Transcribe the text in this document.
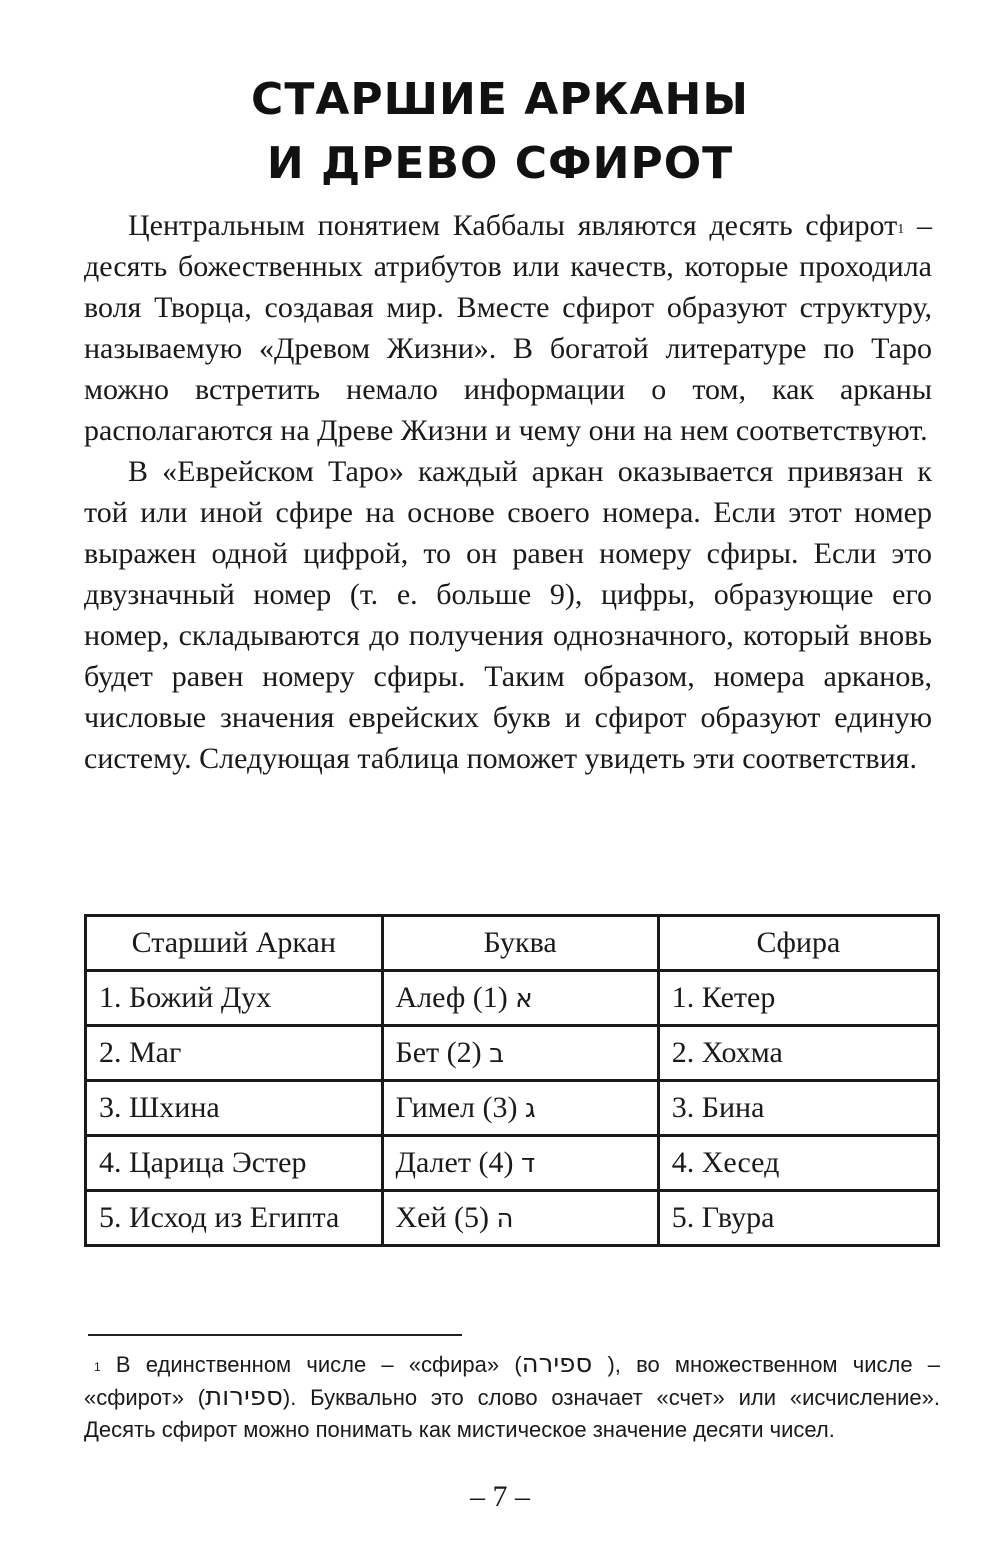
СТАРШИЕ АРКАНЫ
И ДРЕВО СФИРОТ

Центральным понятием Каббалы являются десять сфирот$^1$ – десять божественных атрибутов или качеств, которые проходила воля Творца, создавая мир. Вместе сфирот образуют структуру, называемую «Древом Жизни». В богатой литературе по Таро можно встретить немало информации о том, как арканы располагаются на Древе Жизни и чему они на нем соответствуют.

В «Еврейском Таро» каждый аркан оказывается привязан к той или иной сфире на основе своего номера. Если этот номер выражен одной цифрой, то он равен номеру сфиры. Если это двузначный номер (т. е. больше 9), цифры, образующие его номер, складываются до получения однозначного, который вновь будет равен номеру сфиры. Таким образом, номера арканов, числовые значения еврейских букв и сфирот образуют единую систему. Следующая таблица поможет увидеть эти соответствия.

Старший Аркан	Буква	Сфира
1. Божий Дух	Алеф א (1)	1. Кетер
2. Маг	Бет ב (2)	2. Хохма
3. Шхина	Гимел ג (3)	3. Бина
4. Царица Эстер	Далет ד (4)	4. Хесед
5. Исход из Египта	Хей ה (5)	5. Гвура

$^1$ В единственном числе – «сфира» (ספירה ), во множественном числе – «сфирот» (ספירות). Буквально это слово означает «счет» или «исчисление». Десять сфирот можно понимать как мистическое значение десяти чисел.

– 7 –
